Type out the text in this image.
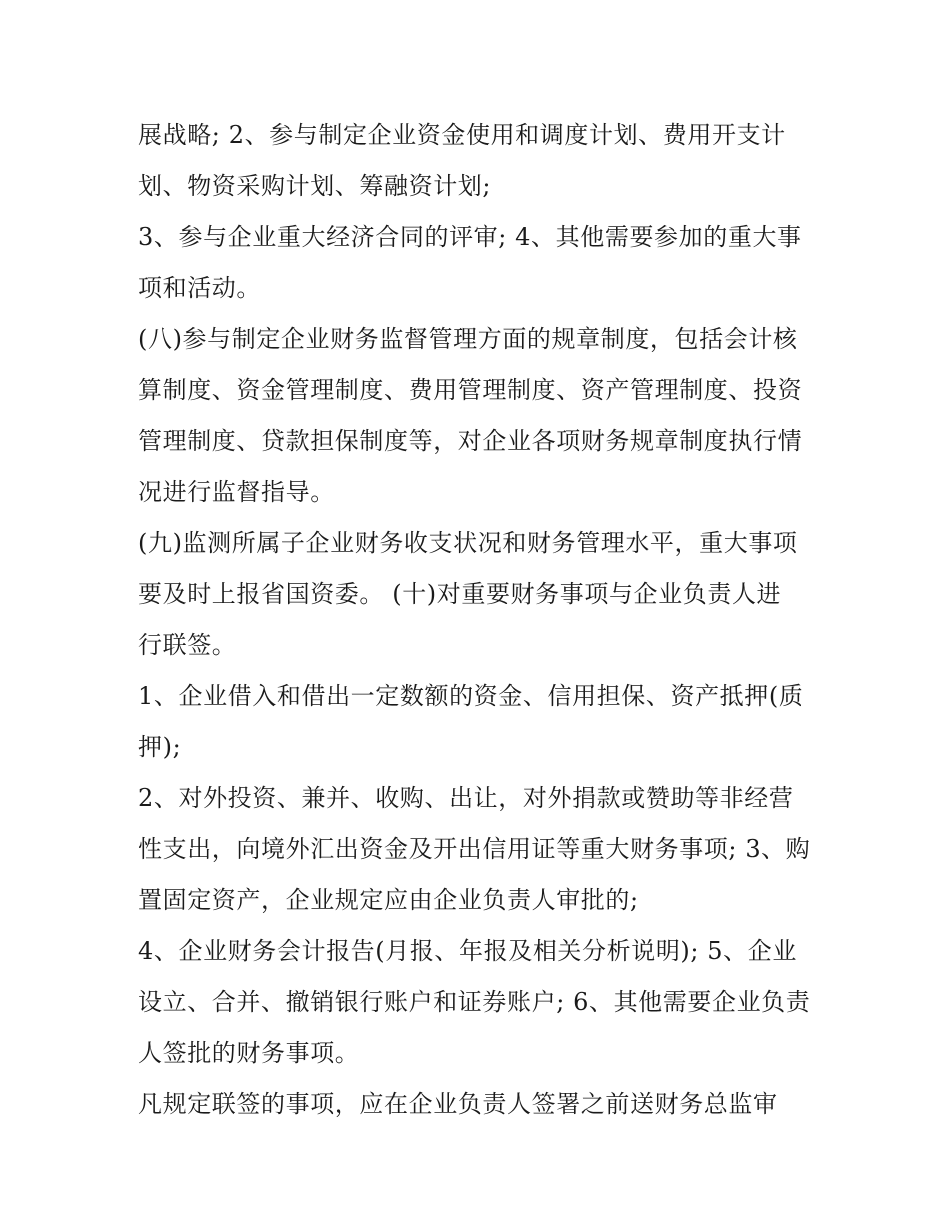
展战略; 2、参与制定企业资金使用和调度计划、费用开支计
划、物资采购计划、筹融资计划;
3、参与企业重大经济合同的评审; 4、其他需要参加的重大事
项和活动。
(八)参与制定企业财务监督管理方面的规章制度，包括会计核
算制度、资金管理制度、费用管理制度、资产管理制度、投资
管理制度、贷款担保制度等，对企业各项财务规章制度执行情
况进行监督指导。
(九)监测所属子企业财务收支状况和财务管理水平，重大事项
要及时上报省国资委。 (十)对重要财务事项与企业负责人进
行联签。
1、企业借入和借出一定数额的资金、信用担保、资产抵押(质
押);
2、对外投资、兼并、收购、出让，对外捐款或赞助等非经营
性支出，向境外汇出资金及开出信用证等重大财务事项; 3、购
置固定资产，企业规定应由企业负责人审批的;
4、企业财务会计报告(月报、年报及相关分析说明); 5、企业
设立、合并、撤销银行账户和证券账户; 6、其他需要企业负责
人签批的财务事项。
凡规定联签的事项，应在企业负责人签署之前送财务总监审
